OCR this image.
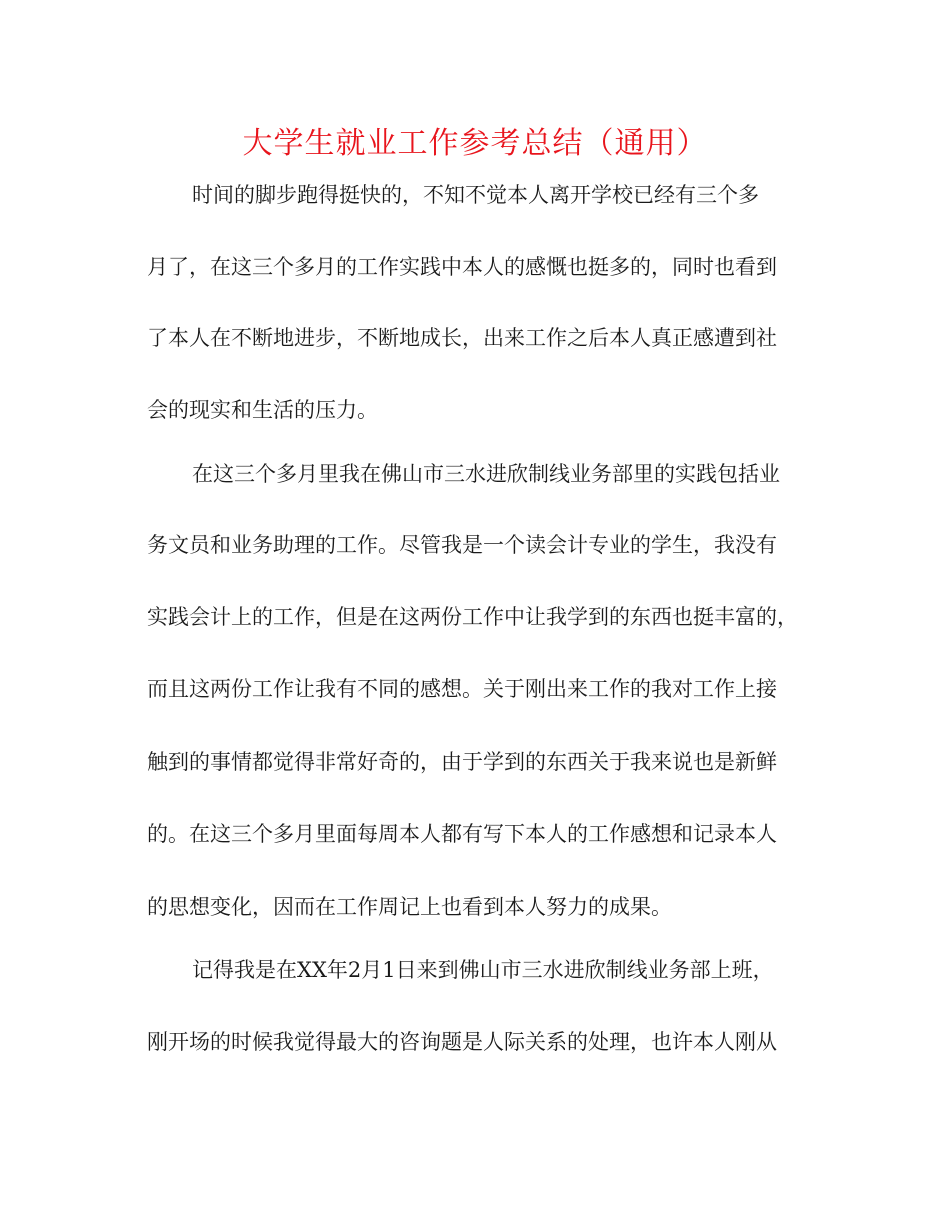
大学生就业工作参考总结（通用）
时间的脚步跑得挺快的，不知不觉本人离开学校已经有三个多
月了，在这三个多月的工作实践中本人的感慨也挺多的，同时也看到
了本人在不断地进步，不断地成长，出来工作之后本人真正感遭到社
会的现实和生活的压力。
在这三个多月里我在佛山市三水进欣制线业务部里的实践包括业
务文员和业务助理的工作。尽管我是一个读会计专业的学生，我没有
实践会计上的工作，但是在这两份工作中让我学到的东西也挺丰富的，
而且这两份工作让我有不同的感想。关于刚出来工作的我对工作上接
触到的事情都觉得非常好奇的，由于学到的东西关于我来说也是新鲜
的。在这三个多月里面每周本人都有写下本人的工作感想和记录本人
的思想变化，因而在工作周记上也看到本人努力的成果。
记得我是在XX年2月1日来到佛山市三水进欣制线业务部上班，
刚开场的时候我觉得最大的咨询题是人际关系的处理，也许本人刚从
